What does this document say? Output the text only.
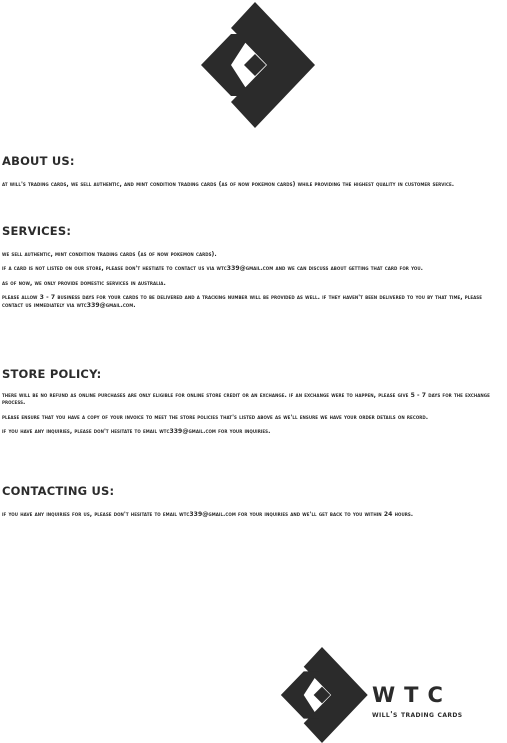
ABOUT US:

at will's trading cards, we sell authentic, and mint condition trading cards (as of now pokemon cards) while providing the highest quality in customer service.

SERVICES:

we sell authentic, mint condition trading cards (as of now pokemon cards).

if a card is not listed on our store, please don't hestiate to contact us via wtc339@gmail.com and we can discuss about getting that card for you.

as of now, we only provide domestic services in australia.

please allow 3 - 7 business days for your cards to be delivered and a tracking number will be provided as well. if they haven't been delivered to you by that time, please contact us immediately via wtc339@gmail.com.

STORE POLICY:

there will be no refund as online purchases are only eligible for online store credit or an exchange. if an exchange were to happen, please give 5 - 7 days for the exchange process.

please ensure that you have a copy of your invoice to meet the store policies that's listed above as we'll ensure we have your order details on record.

if you have any inquiries, please don't hesitate to email wtc339@gmail.com for your inquiries.

CONTACTING US:

if you have any inquiries for us, please don't hesitate to email wtc339@gmail.com for your inquiries and we'll get back to you within 24 hours.

WTC
will's trading cards
